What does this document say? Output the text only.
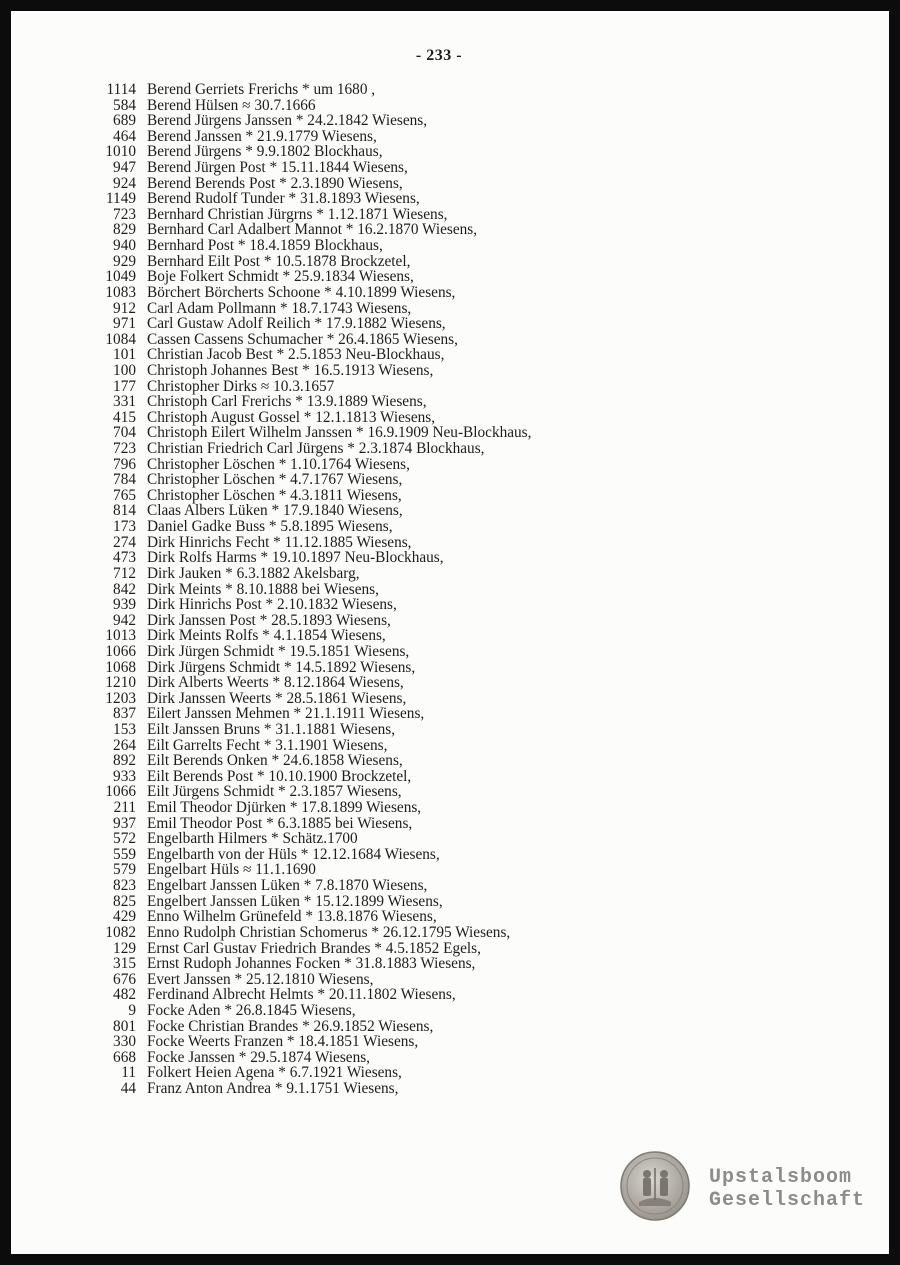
- 233 -
1114 Berend Gerriets Frerichs * um 1680 ,
584 Berend Hülsen ≈ 30.7.1666
689 Berend Jürgens Janssen * 24.2.1842 Wiesens,
464 Berend Janssen * 21.9.1779 Wiesens,
1010 Berend Jürgens * 9.9.1802 Blockhaus,
947 Berend Jürgen Post * 15.11.1844 Wiesens,
924 Berend Berends Post * 2.3.1890 Wiesens,
1149 Berend Rudolf Tunder * 31.8.1893 Wiesens,
723 Bernhard Christian Jürgrns * 1.12.1871 Wiesens,
829 Bernhard Carl Adalbert Mannot * 16.2.1870 Wiesens,
940 Bernhard Post * 18.4.1859 Blockhaus,
929 Bernhard Eilt Post * 10.5.1878 Brockzetel,
1049 Boje Folkert Schmidt * 25.9.1834 Wiesens,
1083 Börchert Börcherts Schoone * 4.10.1899 Wiesens,
912 Carl Adam Pollmann * 18.7.1743 Wiesens,
971 Carl Gustaw Adolf Reilich * 17.9.1882 Wiesens,
1084 Cassen Cassens Schumacher * 26.4.1865 Wiesens,
101 Christian Jacob Best * 2.5.1853 Neu-Blockhaus,
100 Christoph Johannes Best * 16.5.1913 Wiesens,
177 Christopher Dirks ≈ 10.3.1657
331 Christoph Carl Frerichs * 13.9.1889 Wiesens,
415 Christoph August Gossel * 12.1.1813 Wiesens,
704 Christoph Eilert Wilhelm Janssen * 16.9.1909 Neu-Blockhaus,
723 Christian Friedrich Carl Jürgens * 2.3.1874 Blockhaus,
796 Christopher Löschen * 1.10.1764 Wiesens,
784 Christopher Löschen * 4.7.1767 Wiesens,
765 Christopher Löschen * 4.3.1811 Wiesens,
814 Claas Albers Lüken * 17.9.1840 Wiesens,
173 Daniel Gadke Buss * 5.8.1895 Wiesens,
274 Dirk Hinrichs Fecht * 11.12.1885 Wiesens,
473 Dirk Rolfs Harms * 19.10.1897 Neu-Blockhaus,
712 Dirk Jauken * 6.3.1882 Akelsbarg,
842 Dirk Meints * 8.10.1888 bei Wiesens,
939 Dirk Hinrichs Post * 2.10.1832 Wiesens,
942 Dirk Janssen Post * 28.5.1893 Wiesens,
1013 Dirk Meints Rolfs * 4.1.1854 Wiesens,
1066 Dirk Jürgen Schmidt * 19.5.1851 Wiesens,
1068 Dirk Jürgens Schmidt * 14.5.1892 Wiesens,
1210 Dirk Alberts Weerts * 8.12.1864 Wiesens,
1203 Dirk Janssen Weerts * 28.5.1861 Wiesens,
837 Eilert Janssen Mehmen * 21.1.1911 Wiesens,
153 Eilt Janssen Bruns * 31.1.1881 Wiesens,
264 Eilt Garrelts Fecht * 3.1.1901 Wiesens,
892 Eilt Berends Onken * 24.6.1858 Wiesens,
933 Eilt Berends Post * 10.10.1900 Brockzetel,
1066 Eilt Jürgens Schmidt * 2.3.1857 Wiesens,
211 Emil Theodor Djürken * 17.8.1899 Wiesens,
937 Emil Theodor Post * 6.3.1885 bei Wiesens,
572 Engelbarth Hilmers * Schätz.1700
559 Engelbarth von der Hüls * 12.12.1684 Wiesens,
579 Engelbart Hüls ≈ 11.1.1690
823 Engelbart Janssen Lüken * 7.8.1870 Wiesens,
825 Engelbert Janssen Lüken * 15.12.1899 Wiesens,
429 Enno Wilhelm Grünefeld * 13.8.1876 Wiesens,
1082 Enno Rudolph Christian Schomerus * 26.12.1795 Wiesens,
129 Ernst Carl Gustav Friedrich Brandes * 4.5.1852 Egels,
315 Ernst Rudoph Johannes Focken * 31.8.1883 Wiesens,
676 Evert Janssen * 25.12.1810 Wiesens,
482 Ferdinand Albrecht Helmts * 20.11.1802 Wiesens,
9 Focke Aden * 26.8.1845 Wiesens,
801 Focke Christian Brandes * 26.9.1852 Wiesens,
330 Focke Weerts Franzen * 18.4.1851 Wiesens,
668 Focke Janssen * 29.5.1874 Wiesens,
11 Folkert Heien Agena * 6.7.1921 Wiesens,
44 Franz Anton Andrea * 9.1.1751 Wiesens,
Upstalsboom
Gesellschaft
